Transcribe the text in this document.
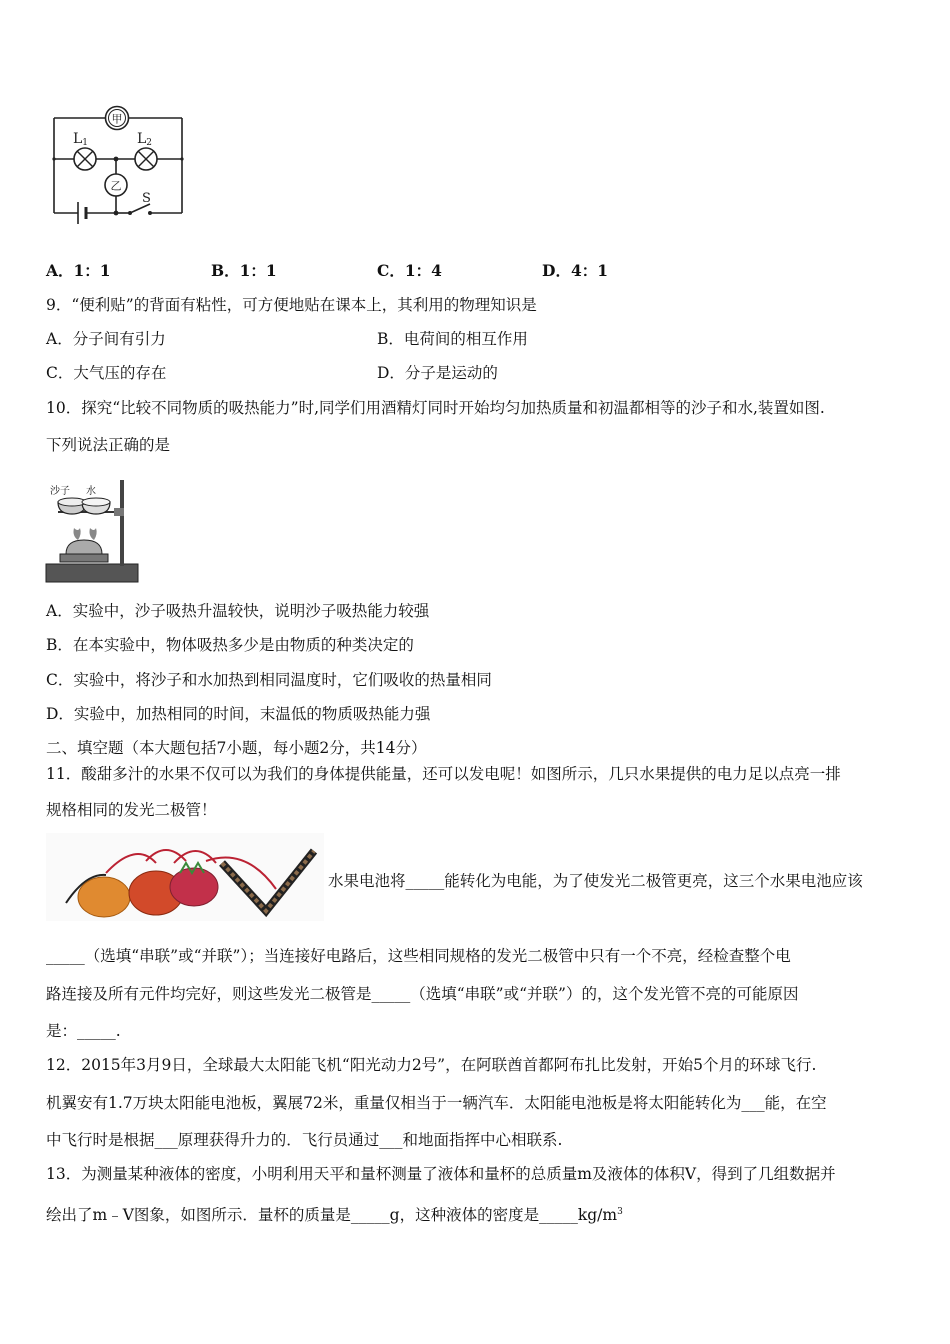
甲
乙
L1	L2
S
A．1：1	B．1：1	C．1：4	D．4：1
9．“便利贴”的背面有粘性，可方便地贴在课本上，其利用的物理知识是
A．分子间有引力	B．电荷间的相互作用
C．大气压的存在	D．分子是运动的
10．探究“比较不同物质的吸热能力”时,同学们用酒精灯同时开始均匀加热质量和初温都相等的沙子和水,装置如图.
下列说法正确的是
沙子 水
A．实验中，沙子吸热升温较快，说明沙子吸热能力较强
B．在本实验中，物体吸热多少是由物质的种类决定的
C．实验中，将沙子和水加热到相同温度时，它们吸收的热量相同
D．实验中，加热相同的时间，末温低的物质吸热能力强
二、填空题（本大题包括7小题，每小题2分，共14分）
11．酸甜多汁的水果不仅可以为我们的身体提供能量，还可以发电呢！如图所示，几只水果提供的电力足以点亮一排
规格相同的发光二极管！
水果电池将_____能转化为电能，为了使发光二极管更亮，这三个水果电池应该
_____（选填“串联”或“并联”）；当连接好电路后，这些相同规格的发光二极管中只有一个不亮，经检查整个电
路连接及所有元件均完好，则这些发光二极管是_____（选填“串联”或“并联”）的，这个发光管不亮的可能原因
是：_____.
12．2015年3月9日，全球最大太阳能飞机“阳光动力2号”，在阿联酋首都阿布扎比发射，开始5个月的环球飞行.
机翼安有1.7万块太阳能电池板，翼展72米，重量仅相当于一辆汽车．太阳能电池板是将太阳能转化为___能，在空
中飞行时是根据___原理获得升力的．飞行员通过___和地面指挥中心相联系.
13．为测量某种液体的密度，小明利用天平和量杯测量了液体和量杯的总质量m及液体的体积V，得到了几组数据并
绘出了m﹣V图象，如图所示．量杯的质量是_____g，这种液体的密度是$\_\_\_\_\_kg/m^3$
